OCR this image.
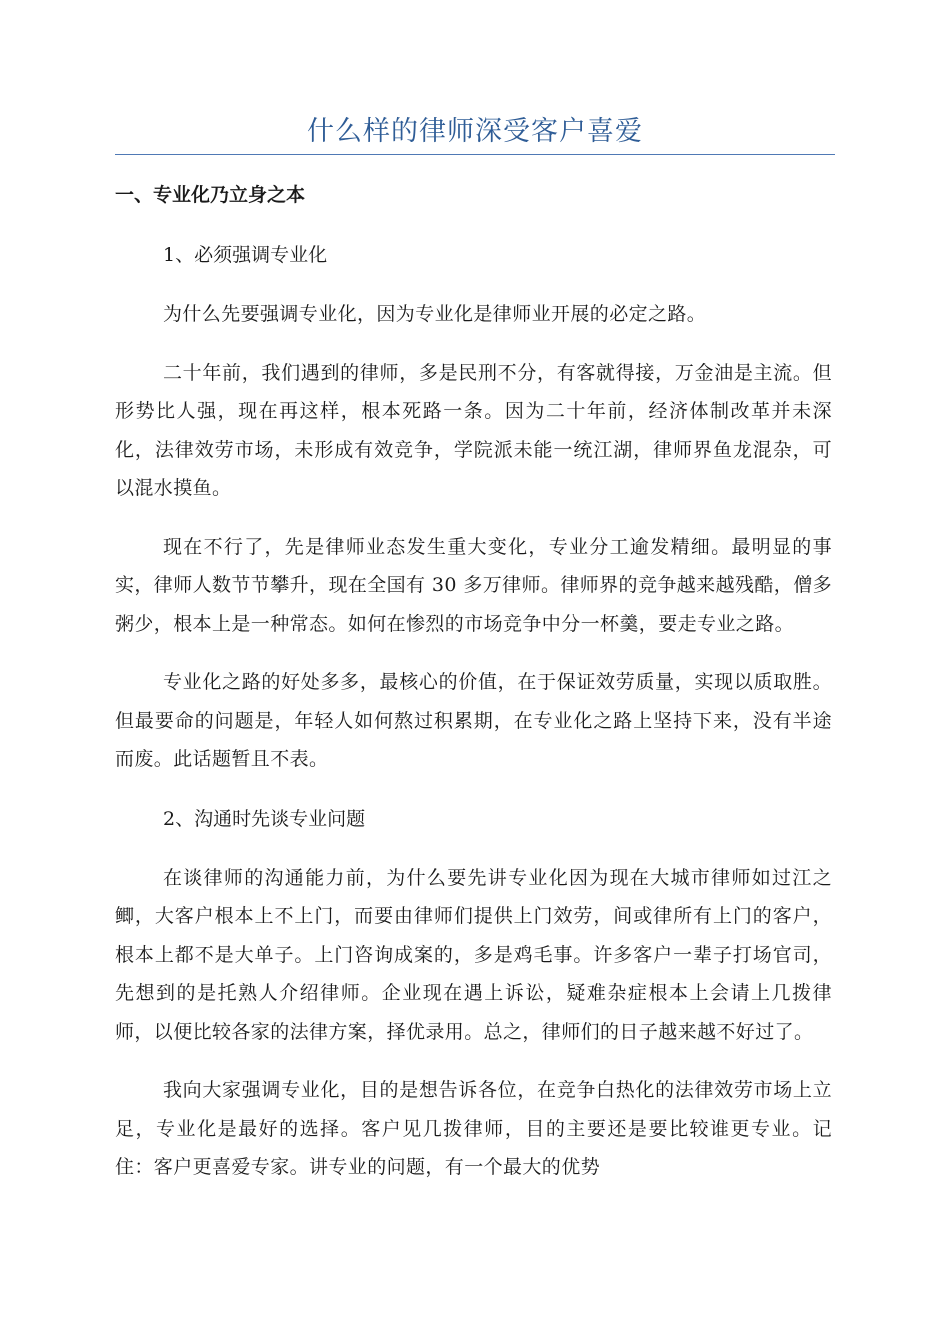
什么样的律师深受客户喜爱
一、专业化乃立身之本
1、必须强调专业化

为什么先要强调专业化，因为专业化是律师业开展的必定之路。

二十年前，我们遇到的律师，多是民刑不分，有客就得接，万金油是主流。但形势比人强，现在再这样，根本死路一条。因为二十年前，经济体制改革并未深化，法律效劳市场，未形成有效竞争，学院派未能一统江湖，律师界鱼龙混杂，可以混水摸鱼。

现在不行了，先是律师业态发生重大变化，专业分工逾发精细。最明显的事实，律师人数节节攀升，现在全国有 30 多万律师。律师界的竞争越来越残酷，僧多粥少，根本上是一种常态。如何在惨烈的市场竞争中分一杯羹，要走专业之路。

专业化之路的好处多多，最核心的价值，在于保证效劳质量，实现以质取胜。但最要命的问题是，年轻人如何熬过积累期，在专业化之路上坚持下来，没有半途而废。此话题暂且不表。

2、沟通时先谈专业问题

在谈律师的沟通能力前，为什么要先讲专业化因为现在大城市律师如过江之鲫，大客户根本上不上门，而要由律师们提供上门效劳，间或律所有上门的客户，根本上都不是大单子。上门咨询成案的，多是鸡毛事。许多客户一辈子打场官司，先想到的是托熟人介绍律师。企业现在遇上诉讼，疑难杂症根本上会请上几拨律师，以便比较各家的法律方案，择优录用。总之，律师们的日子越来越不好过了。

我向大家强调专业化，目的是想告诉各位，在竞争白热化的法律效劳市场上立足，专业化是最好的选择。客户见几拨律师，目的主要还是要比较谁更专业。记住：客户更喜爱专家。讲专业的问题，有一个最大的优势
